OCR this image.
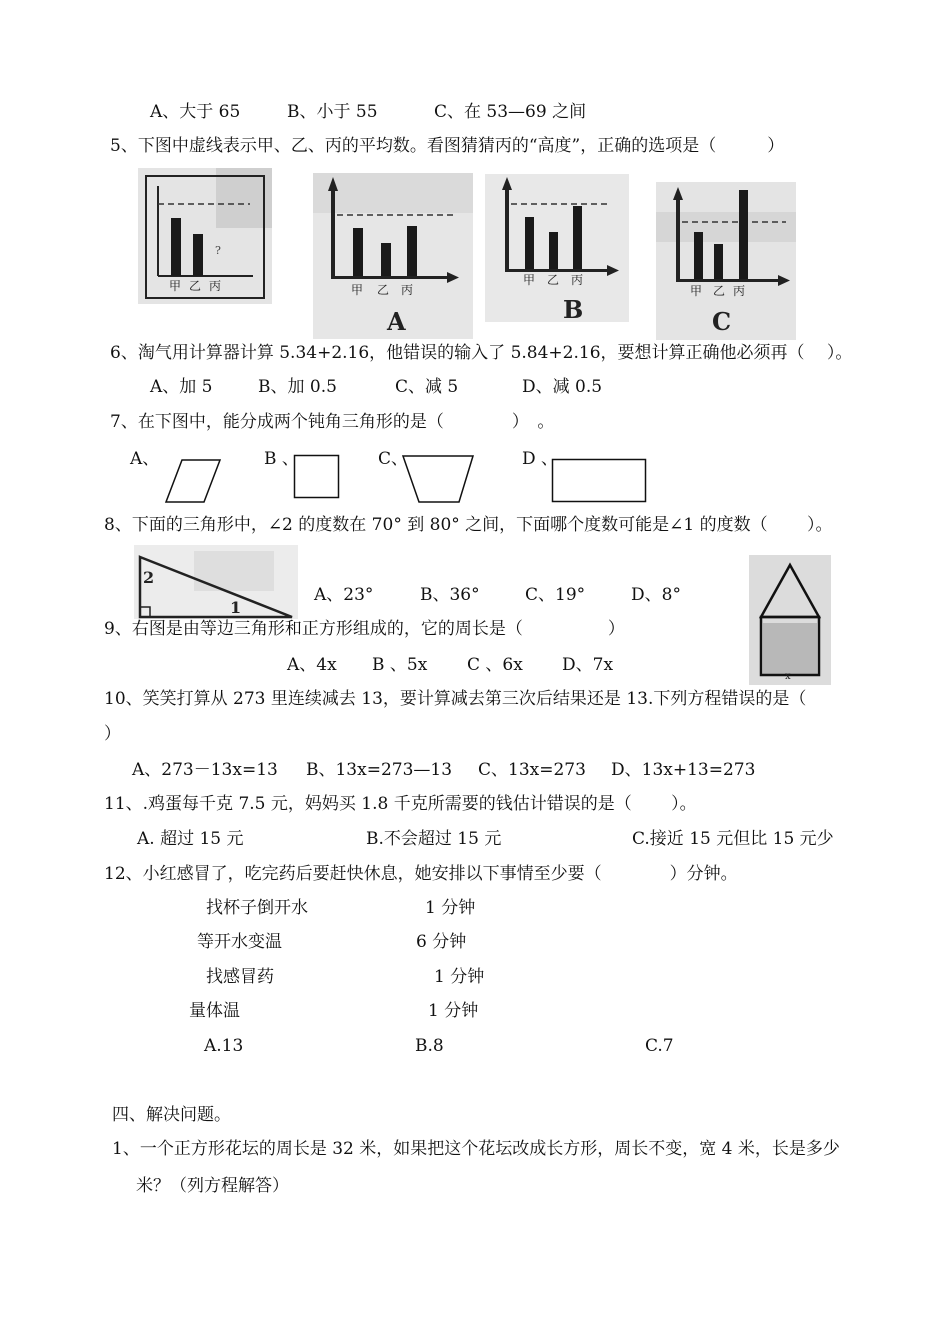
A、大于 65	B、小于 55	C、在 53—69 之间
5、下图中虚线表示甲、乙、丙的平均数。看图猜猜丙的“高度”，正确的选项是（　　　）
?
甲 乙 丙	甲 乙 丙
A
甲 乙 丙
B
甲 乙 丙
C
6、淘气用计算器计算 5.34+2.16，他错误的输入了 5.84+2.16，要想计算正确他必须再（　 ）。
A、加 5	B、加 0.5	C、减 5	D、减 0.5
7、在下图中，能分成两个钝角三角形的是（　　　　）　。
A、	B 、	C、	D 、
8、下面的三角形中，∠2 的度数在 70° 到 80° 之间，下面哪个度数可能是∠1 的度数（　　 ）。
2
1
A、23°	B、36°	C、19°	D、8°
x
9、右图是由等边三角形和正方形组成的，它的周长是（　　　　　）
A、4x B 、5x C 、6x D、7x
10、笑笑打算从 273 里连续减去 13，要计算减去第三次后结果还是 13.下列方程错误的是（
）
A、273－13x=13 B、13x=273—13 C、13x=273 D、13x+13=273
11、.鸡蛋每千克 7.5 元，妈妈买 1.8 千克所需要的钱估计错误的是（　　 ）。
A. 超过 15 元	B.不会超过 15 元	C.接近 15 元但比 15 元少
12、小红感冒了，吃完药后要赶快休息，她安排以下事情至少要（　　　　）分钟。
找杯子倒开水	1 分钟
等开水变温	6 分钟
找感冒药	1 分钟
量体温	1 分钟
A.13	B.8	C.7
四、解决问题。
1、一个正方形花坛的周长是 32 米，如果把这个花坛改成长方形，周长不变，宽 4 米，长是多少
米？（列方程解答）
